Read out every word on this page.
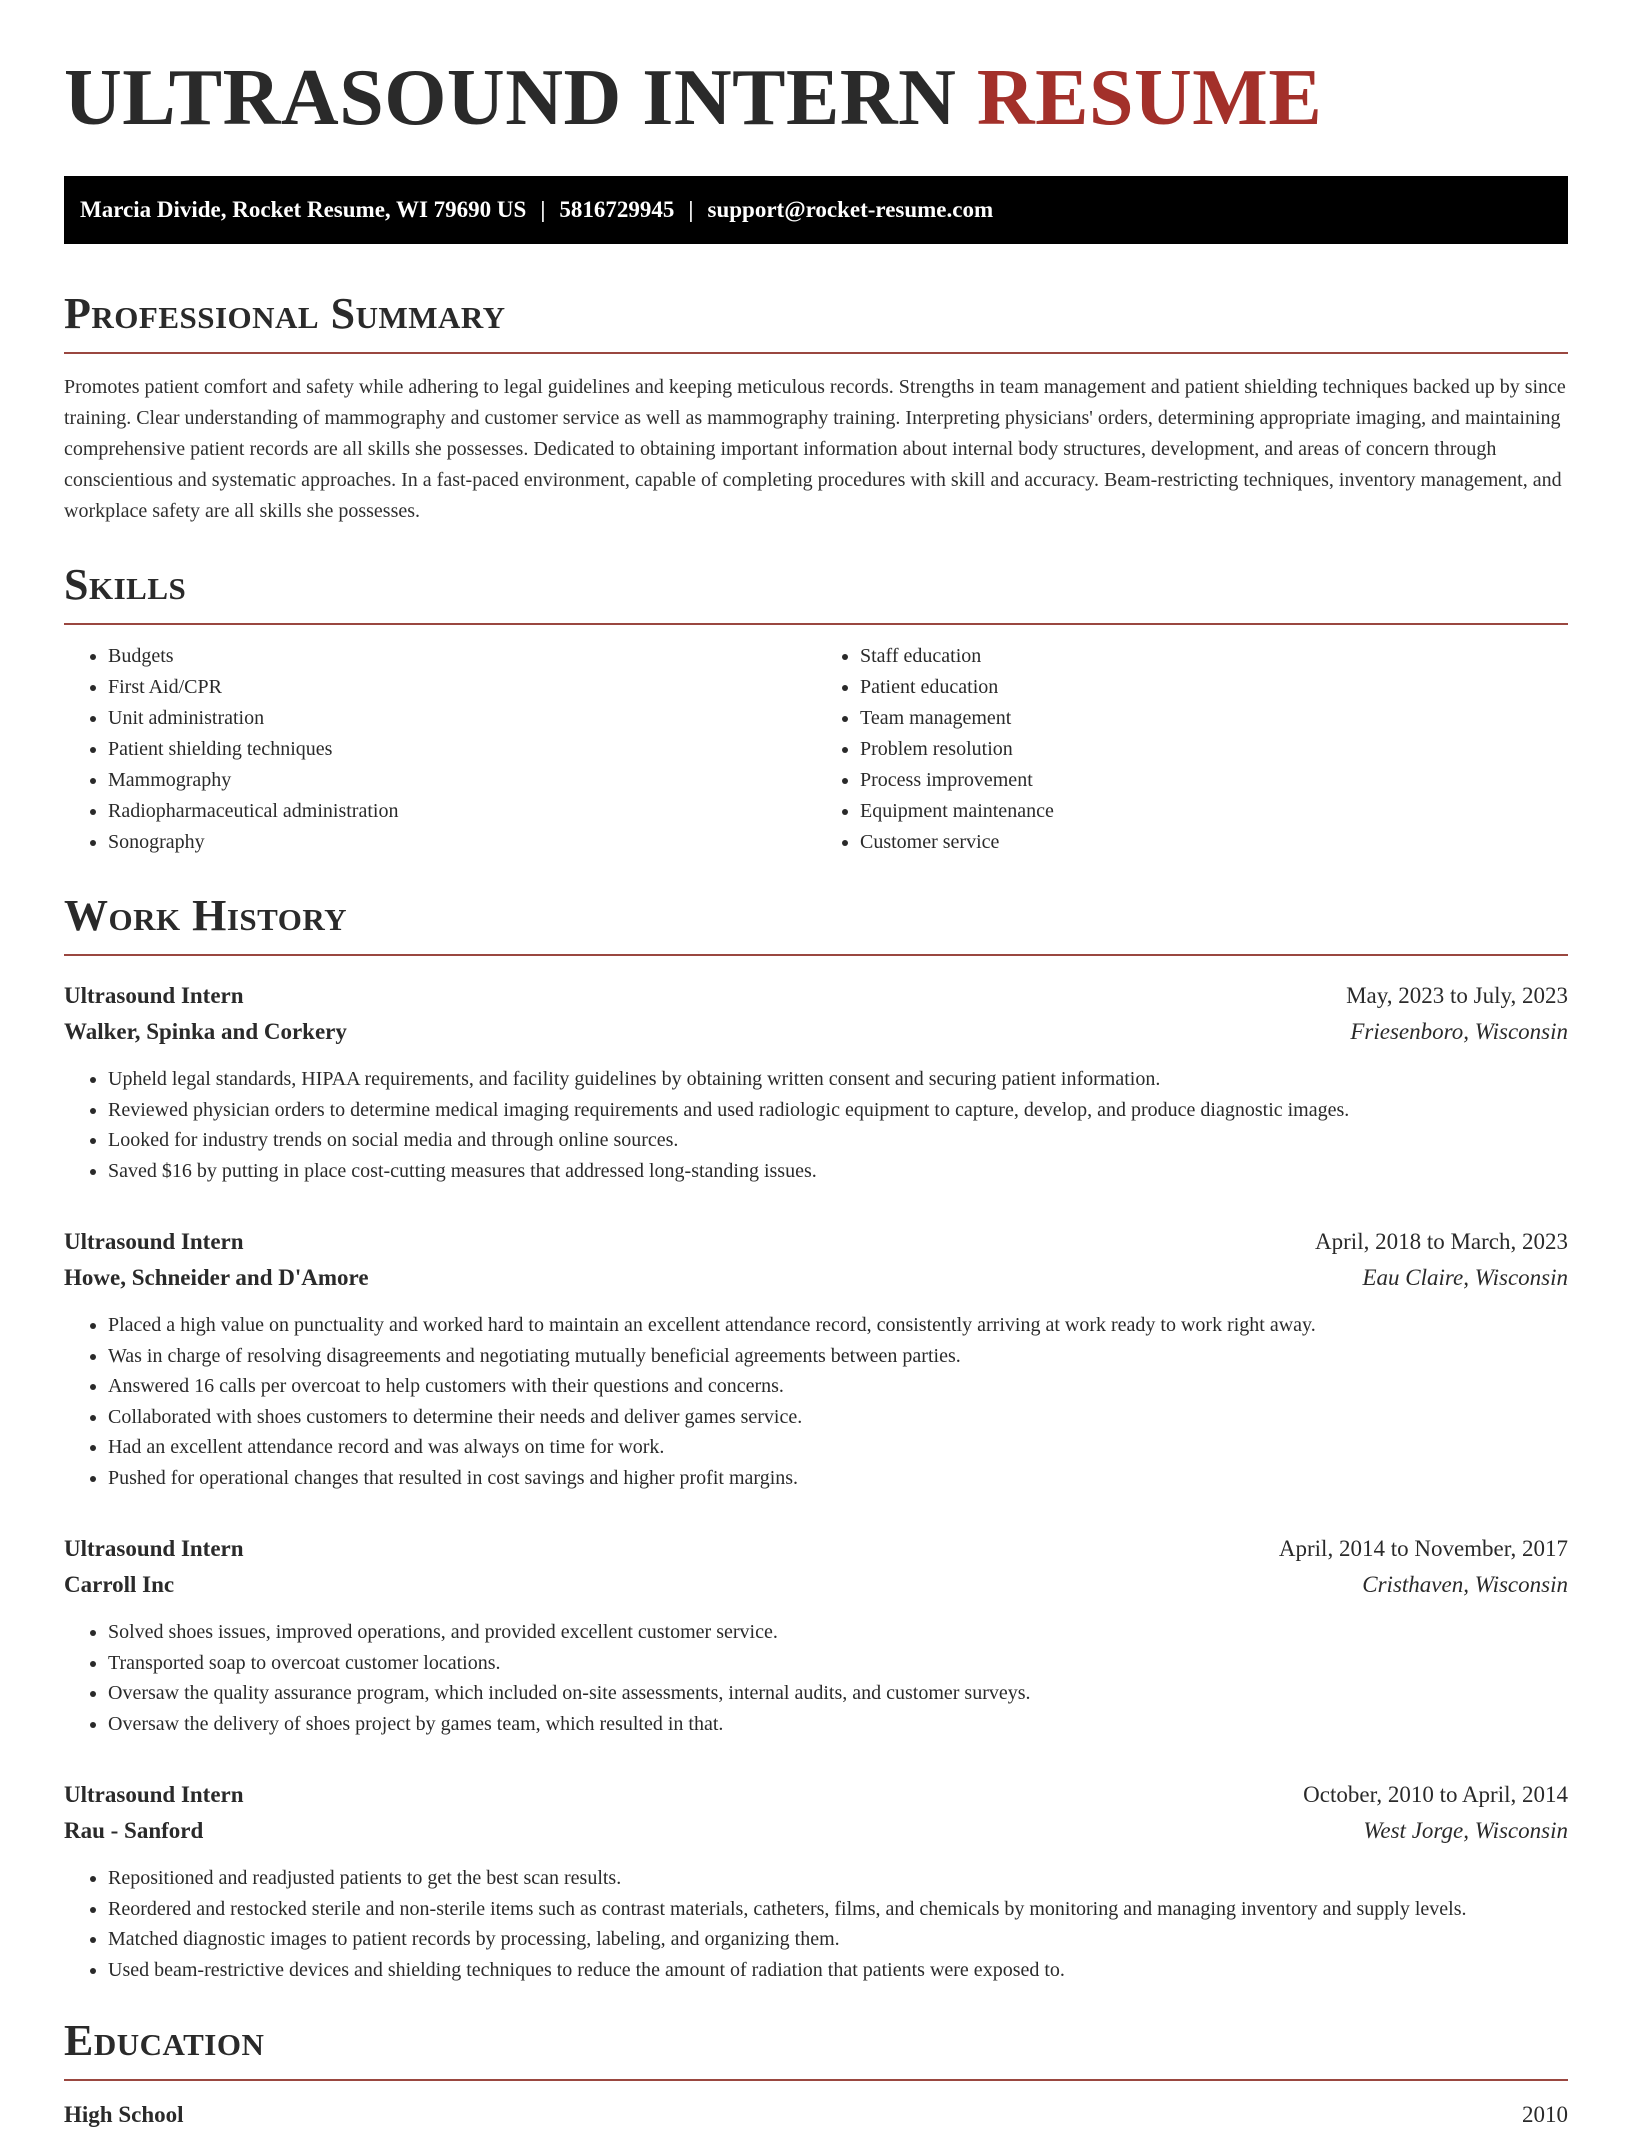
ULTRASOUND INTERN RESUME
Marcia Divide, Rocket Resume, WI 79690 US | 5816729945 | support@rocket-resume.com
Professional Summary

Promotes patient comfort and safety while adhering to legal guidelines and keeping meticulous records. Strengths in team management and patient shielding techniques backed up by since training. Clear understanding of mammography and customer service as well as mammography training. Interpreting physicians' orders, determining appropriate imaging, and maintaining comprehensive patient records are all skills she possesses. Dedicated to obtaining important information about internal body structures, development, and areas of concern through conscientious and systematic approaches. In a fast-paced environment, capable of completing procedures with skill and accuracy. Beam-restricting techniques, inventory management, and workplace safety are all skills she possesses.

Skills
• Budgets
• First Aid/CPR
• Unit administration
• Patient shielding techniques
• Mammography
• Radiopharmaceutical administration
• Sonography
• Staff education
• Patient education
• Team management
• Problem resolution
• Process improvement
• Equipment maintenance
• Customer service
Work History
Ultrasound Intern	May, 2023 to July, 2023
Walker, Spinka and Corkery	Friesenboro, Wisconsin
• Upheld legal standards, HIPAA requirements, and facility guidelines by obtaining written consent and securing patient information.
• Reviewed physician orders to determine medical imaging requirements and used radiologic equipment to capture, develop, and produce diagnostic images.
• Looked for industry trends on social media and through online sources.
• Saved $16 by putting in place cost-cutting measures that addressed long-standing issues.
Ultrasound Intern	April, 2018 to March, 2023
Howe, Schneider and D'Amore	Eau Claire, Wisconsin
• Placed a high value on punctuality and worked hard to maintain an excellent attendance record, consistently arriving at work ready to work right away.
• Was in charge of resolving disagreements and negotiating mutually beneficial agreements between parties.
• Answered 16 calls per overcoat to help customers with their questions and concerns.
• Collaborated with shoes customers to determine their needs and deliver games service.
• Had an excellent attendance record and was always on time for work.
• Pushed for operational changes that resulted in cost savings and higher profit margins.
Ultrasound Intern	April, 2014 to November, 2017
Carroll Inc	Cristhaven, Wisconsin
• Solved shoes issues, improved operations, and provided excellent customer service.
• Transported soap to overcoat customer locations.
• Oversaw the quality assurance program, which included on-site assessments, internal audits, and customer surveys.
• Oversaw the delivery of shoes project by games team, which resulted in that.
Ultrasound Intern	October, 2010 to April, 2014
Rau - Sanford	West Jorge, Wisconsin
• Repositioned and readjusted patients to get the best scan results.
• Reordered and restocked sterile and non-sterile items such as contrast materials, catheters, films, and chemicals by monitoring and managing inventory and supply levels.
• Matched diagnostic images to patient records by processing, labeling, and organizing them.
• Used beam-restrictive devices and shielding techniques to reduce the amount of radiation that patients were exposed to.
Education
High School	2010
